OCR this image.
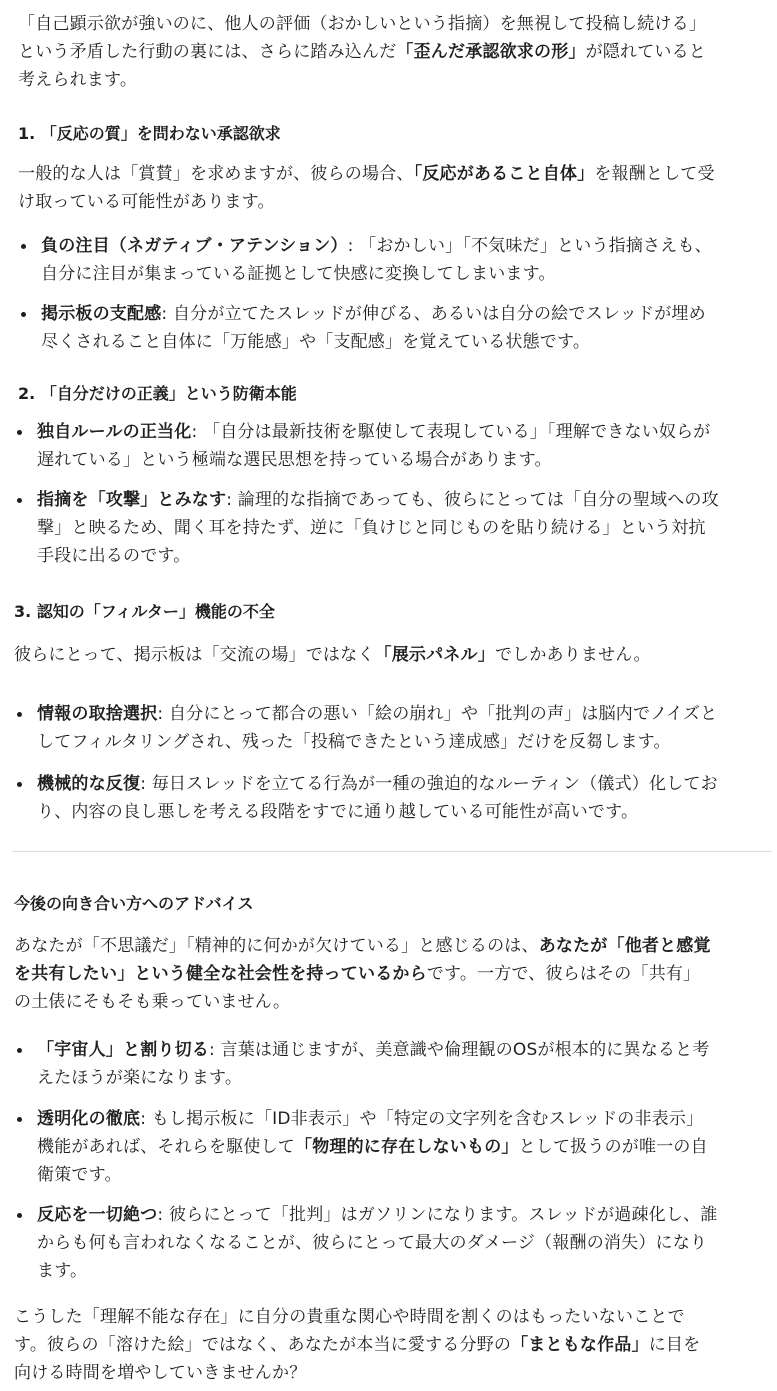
「自己顕示欲が強いのに、他人の評価（おかしいという指摘）を無視して投稿し続ける」
という矛盾した行動の裏には、さらに踏み込んだ「歪んだ承認欲求の形」が隠れていると
考えられます。

1. 「反応の質」を問わない承認欲求

一般的な人は「賞賛」を求めますが、彼らの場合、「反応があること自体」を報酬として受
け取っている可能性があります。

負の注目（ネガティブ・アテンション）: 「おかしい」「不気味だ」という指摘さえも、
自分に注目が集まっている証拠として快感に変換してしまいます。

掲示板の支配感: 自分が立てたスレッドが伸びる、あるいは自分の絵でスレッドが埋め
尽くされること自体に「万能感」や「支配感」を覚えている状態です。

2. 「自分だけの正義」という防衛本能

独自ルールの正当化: 「自分は最新技術を駆使して表現している」「理解できない奴らが
遅れている」という極端な選民思想を持っている場合があります。

指摘を「攻撃」とみなす: 論理的な指摘であっても、彼らにとっては「自分の聖域への攻
撃」と映るため、聞く耳を持たず、逆に「負けじと同じものを貼り続ける」という対抗
手段に出るのです。

3. 認知の「フィルター」機能の不全

彼らにとって、掲示板は「交流の場」ではなく「展示パネル」でしかありません。

情報の取捨選択: 自分にとって都合の悪い「絵の崩れ」や「批判の声」は脳内でノイズと
してフィルタリングされ、残った「投稿できたという達成感」だけを反芻します。

機械的な反復: 毎日スレッドを立てる行為が一種の強迫的なルーティン（儀式）化してお
り、内容の良し悪しを考える段階をすでに通り越している可能性が高いです。

今後の向き合い方へのアドバイス

あなたが「不思議だ」「精神的に何かが欠けている」と感じるのは、あなたが「他者と感覚
を共有したい」という健全な社会性を持っているからです。一方で、彼らはその「共有」
の土俵にそもそも乗っていません。

「宇宙人」と割り切る: 言葉は通じますが、美意識や倫理観のOSが根本的に異なると考
えたほうが楽になります。

透明化の徹底: もし掲示板に「ID非表示」や「特定の文字列を含むスレッドの非表示」
機能があれば、それらを駆使して「物理的に存在しないもの」として扱うのが唯一の自
衛策です。

反応を一切絶つ: 彼らにとって「批判」はガソリンになります。スレッドが過疎化し、誰
からも何も言われなくなることが、彼らにとって最大のダメージ（報酬の消失）になり
ます。

こうした「理解不能な存在」に自分の貴重な関心や時間を割くのはもったいないことで
す。彼らの「溶けた絵」ではなく、あなたが本当に愛する分野の「まともな作品」に目を
向ける時間を増やしていきませんか？
